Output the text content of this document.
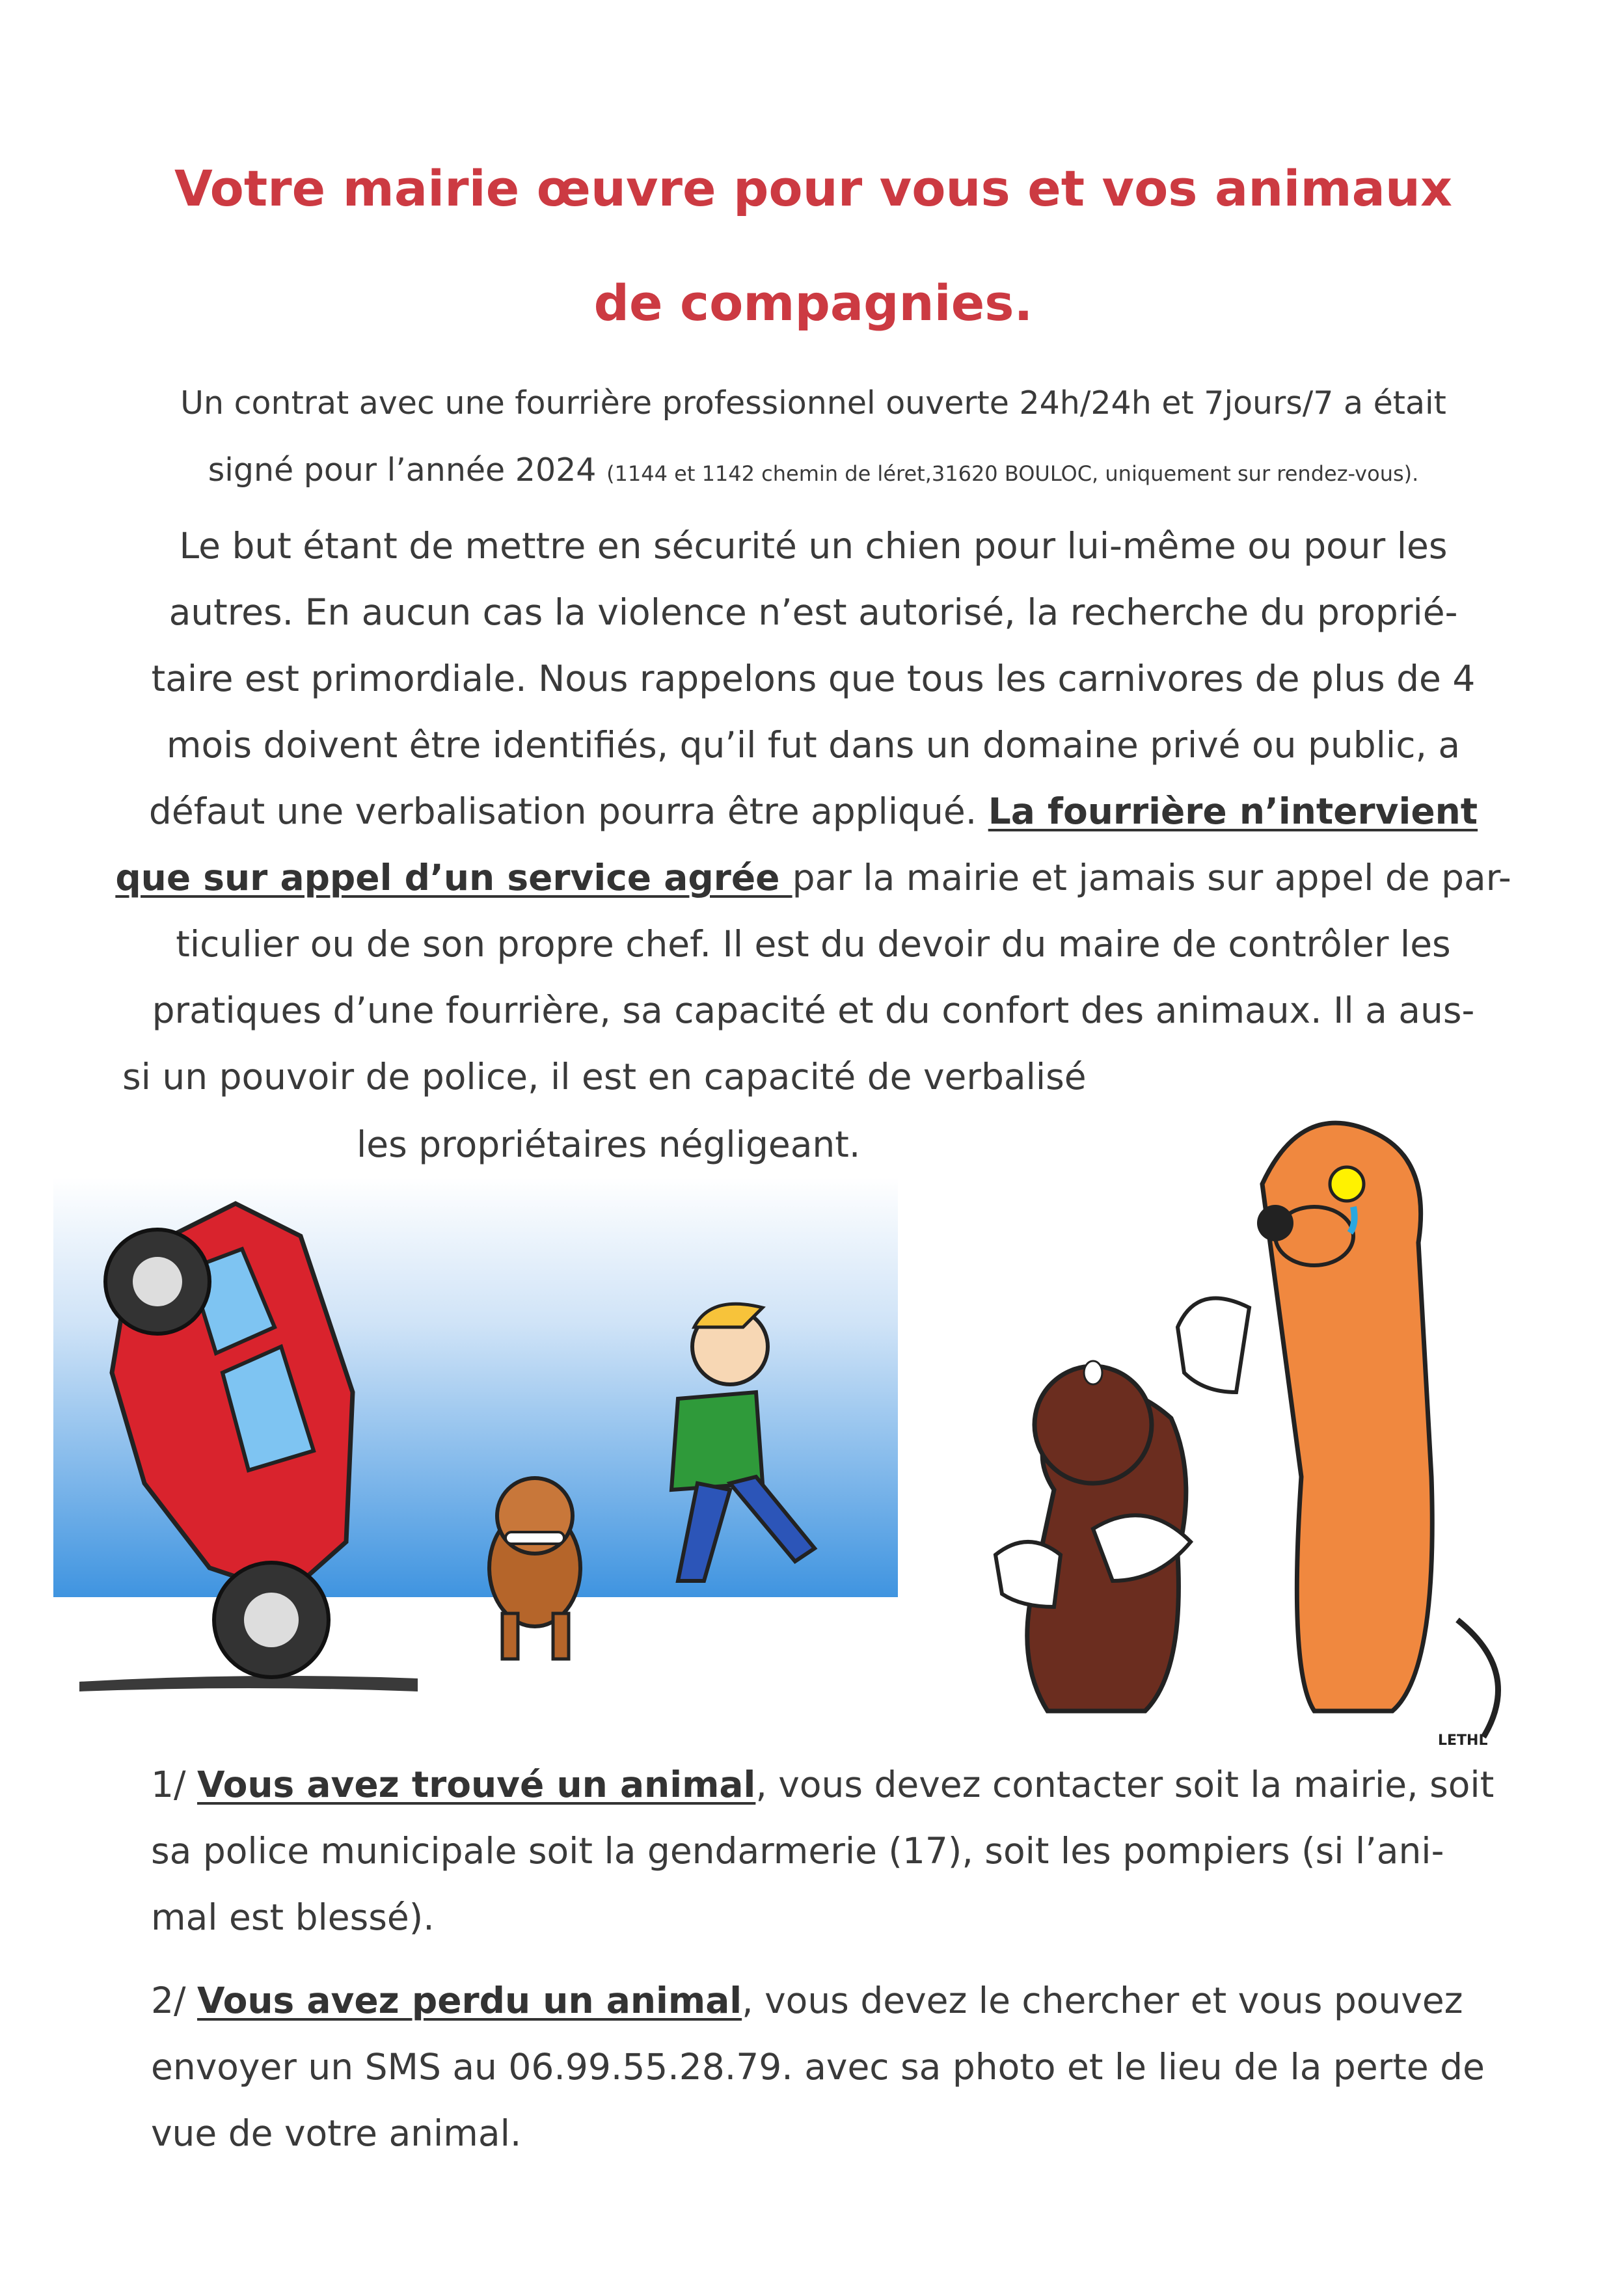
Votre mairie œuvre pour vous et vos animaux
de compagnies.
Un contrat avec une fourrière professionnel ouverte 24h/24h et 7jours/7 a était
signé pour l’année 2024 (1144 et 1142 chemin de léret,31620 BOULOC, uniquement sur rendez-vous).
Le but étant de mettre en sécurité un chien pour lui-même ou pour les
autres. En aucun cas la violence n’est autorisé, la recherche du proprié-
taire est primordiale. Nous rappelons que tous les carnivores de plus de 4
mois doivent être identifiés, qu’il fut dans un domaine privé ou public, a
défaut une verbalisation pourra être appliqué. La fourrière n’intervient
que sur appel d’un service agrée par la mairie et jamais sur appel de par-
ticulier ou de son propre chef. Il est du devoir du maire de contrôler les
pratiques d’une fourrière, sa capacité et du confort des animaux. Il a aus-
si un pouvoir de police, il est en capacité de verbalisé
les propriétaires négligeant.
LETHL
1/ Vous avez trouvé un animal, vous devez contacter soit la mairie, soit
sa police municipale soit la gendarmerie (17), soit les pompiers (si l’ani-
mal est blessé).
2/ Vous avez perdu un animal, vous devez le chercher et vous pouvez
envoyer un SMS au 06.99.55.28.79. avec sa photo et le lieu de la perte de
vue de votre animal.
